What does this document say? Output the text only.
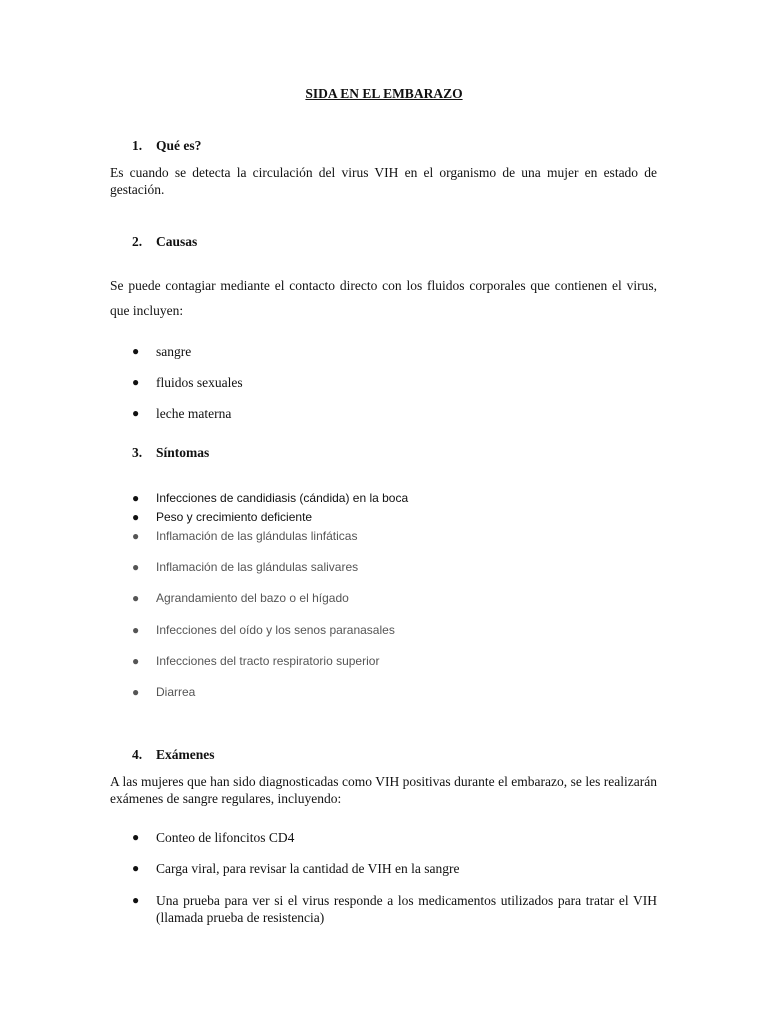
SIDA EN EL EMBARAZO
1. Qué es?
Es cuando se detecta la circulación del virus VIH en el organismo de una mujer en estado de gestación.
2. Causas
Se puede contagiar mediante el contacto directo con los fluidos corporales que contienen el virus, que incluyen:
● sangre
● fluidos sexuales
● leche materna
3. Síntomas
● Infecciones de candidiasis (cándida) en la boca
● Peso y crecimiento deficiente
● Inflamación de las glándulas linfáticas
● Inflamación de las glándulas salivares
● Agrandamiento del bazo o el hígado
● Infecciones del oído y los senos paranasales
● Infecciones del tracto respiratorio superior
● Diarrea
4. Exámenes
A las mujeres que han sido diagnosticadas como VIH positivas durante el embarazo, se les realizarán exámenes de sangre regulares, incluyendo:
● Conteo de lifoncitos CD4
● Carga viral, para revisar la cantidad de VIH en la sangre
● Una prueba para ver si el virus responde a los medicamentos utilizados para tratar el VIH (llamada prueba de resistencia)
